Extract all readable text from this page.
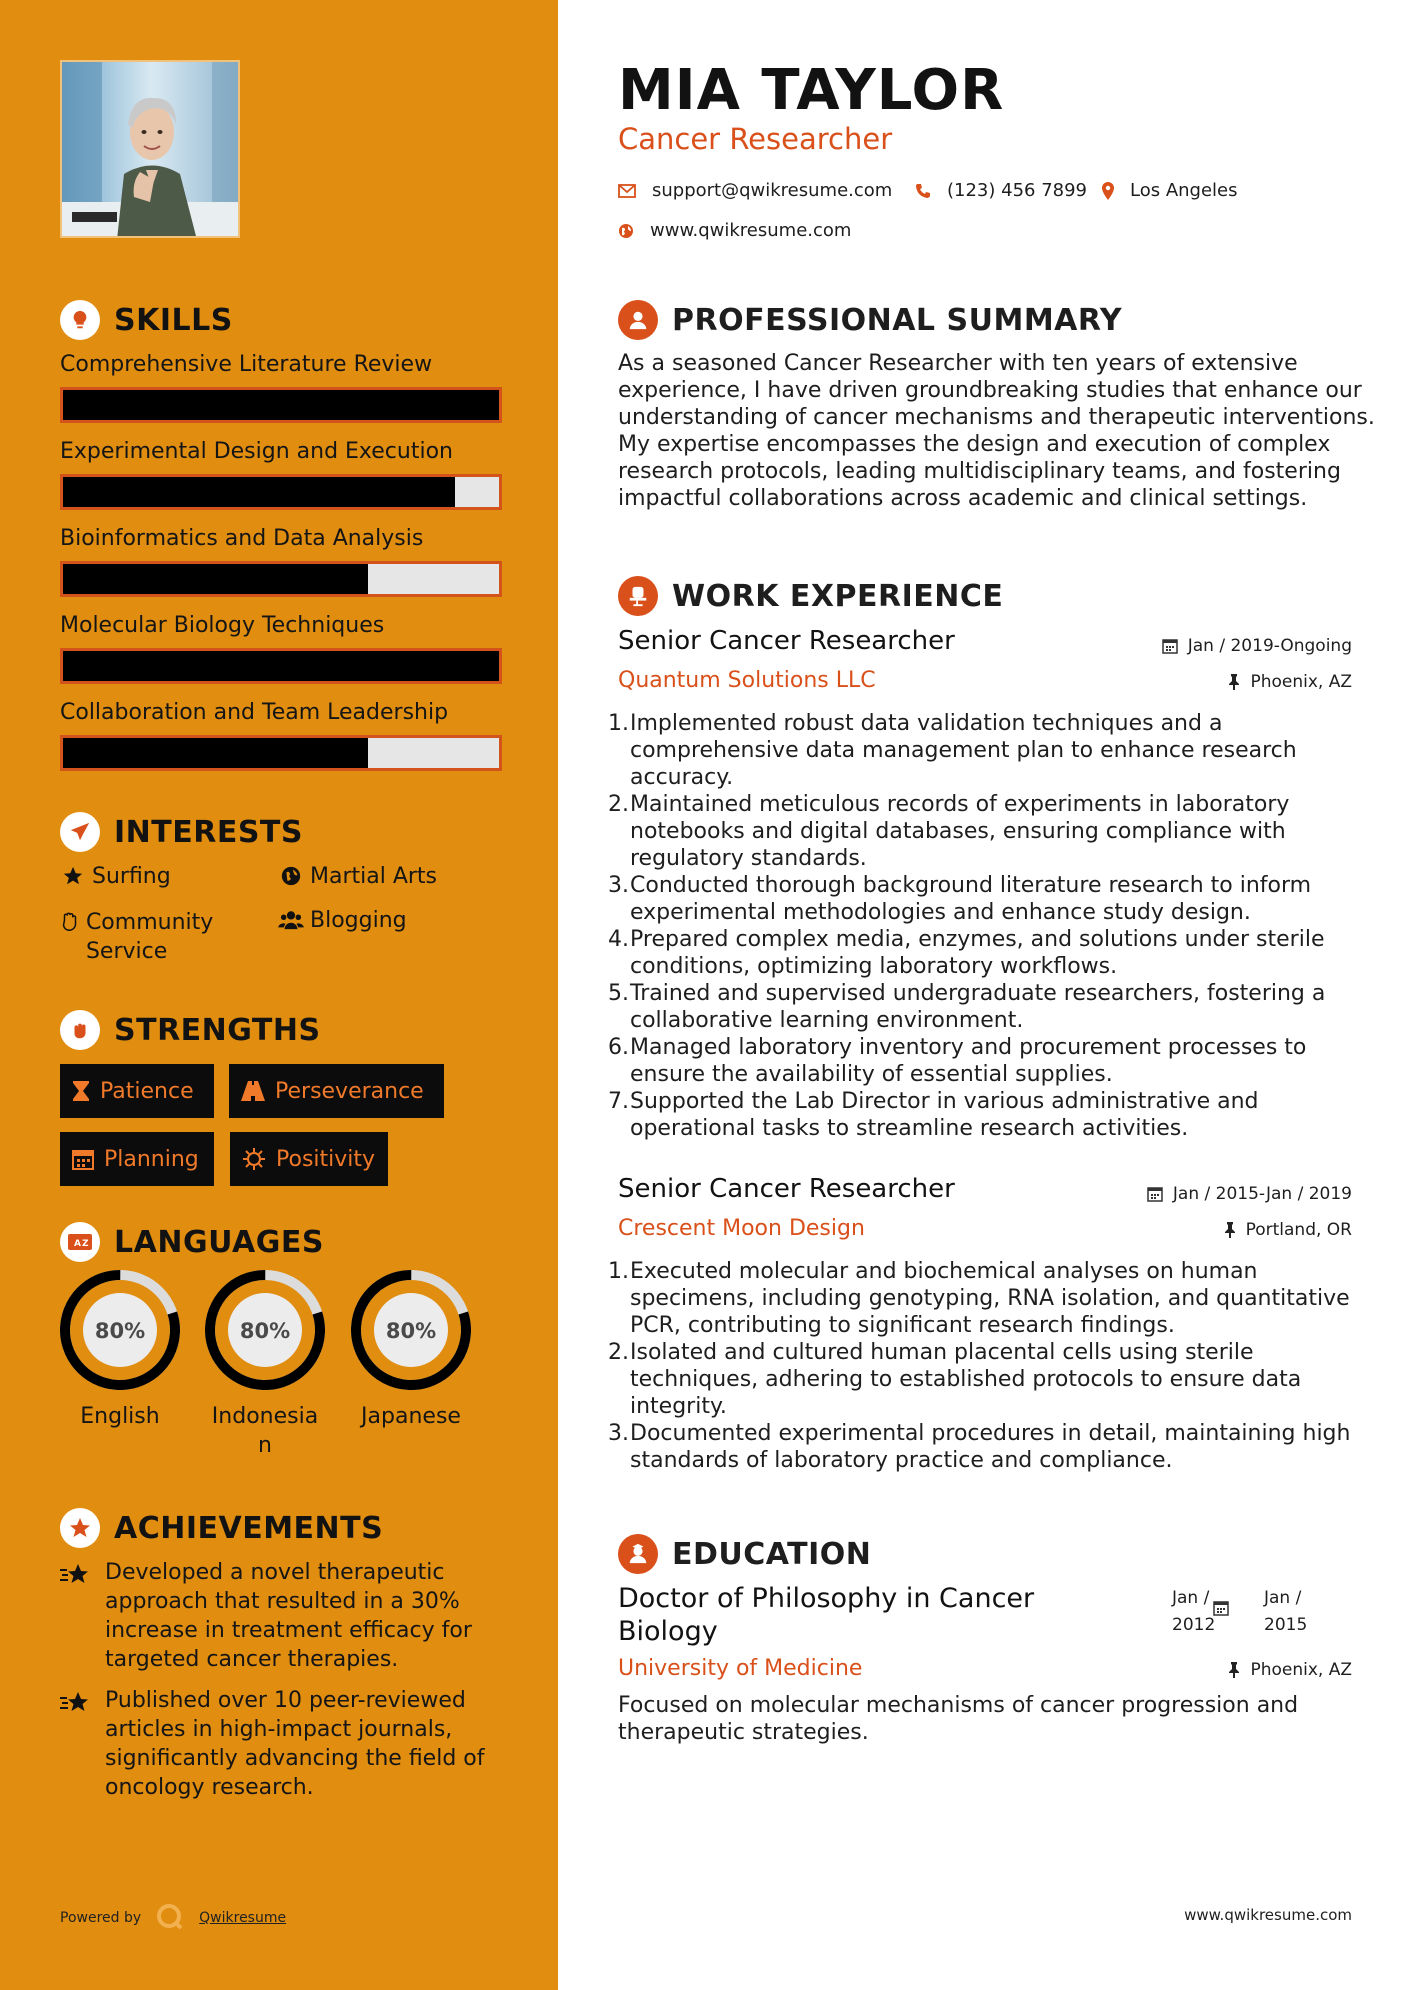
SKILLS
Comprehensive Literature Review
Experimental Design and Execution
Bioinformatics and Data Analysis
Molecular Biology Techniques
Collaboration and Team Leadership
INTERESTS
Surfing	Martial Arts
Community Service
Blogging
STRENGTHS
Patience	Perseverance
Planning	Positivity
A Z LANGUAGES
80%
English
80%
Indonesian
80%
Japanese
ACHIEVEMENTS
Developed a novel therapeutic approach that resulted in a 30% increase in treatment efficacy for targeted cancer therapies.
Published over 10 peer-reviewed articles in high-impact journals, significantly advancing the field of oncology research.
Powered by	Qwikresume
MIA TAYLOR
Cancer Researcher
support@qwikresume.com	(123) 456 7899 Los Angeles
www.qwikresume.com
PROFESSIONAL SUMMARY
As a seasoned Cancer Researcher with ten years of extensive experience, I have driven groundbreaking studies that enhance our understanding of cancer mechanisms and therapeutic interventions. My expertise encompasses the design and execution of complex research protocols, leading multidisciplinary teams, and fostering impactful collaborations across academic and clinical settings.
WORK EXPERIENCE
Senior Cancer Researcher
Quantum Solutions LLC
Jan / 2019-Ongoing
Phoenix, AZ
1. Implemented robust data validation techniques and a comprehensive data management plan to enhance research accuracy.
2. Maintained meticulous records of experiments in laboratory notebooks and digital databases, ensuring compliance with regulatory standards.
3. Conducted thorough background literature research to inform experimental methodologies and enhance study design.
4. Prepared complex media, enzymes, and solutions under sterile conditions, optimizing laboratory workflows.
5. Trained and supervised undergraduate researchers, fostering a collaborative learning environment.
6. Managed laboratory inventory and procurement processes to ensure the availability of essential supplies.
7. Supported the Lab Director in various administrative and operational tasks to streamline research activities.
Senior Cancer Researcher
Crescent Moon Design
Jan / 2015-Jan / 2019
Portland, OR
1. Executed molecular and biochemical analyses on human specimens, including genotyping, RNA isolation, and quantitative PCR, contributing to significant research findings.
2. Isolated and cultured human placental cells using sterile techniques, adhering to established protocols to ensure data integrity.
3. Documented experimental procedures in detail, maintaining high standards of laboratory practice and compliance.
EDUCATION
Doctor of Philosophy in Cancer Biology
University of Medicine
Jan / 2012
Jan / 2015
Phoenix, AZ
Focused on molecular mechanisms of cancer progression and therapeutic strategies.
www.qwikresume.com
